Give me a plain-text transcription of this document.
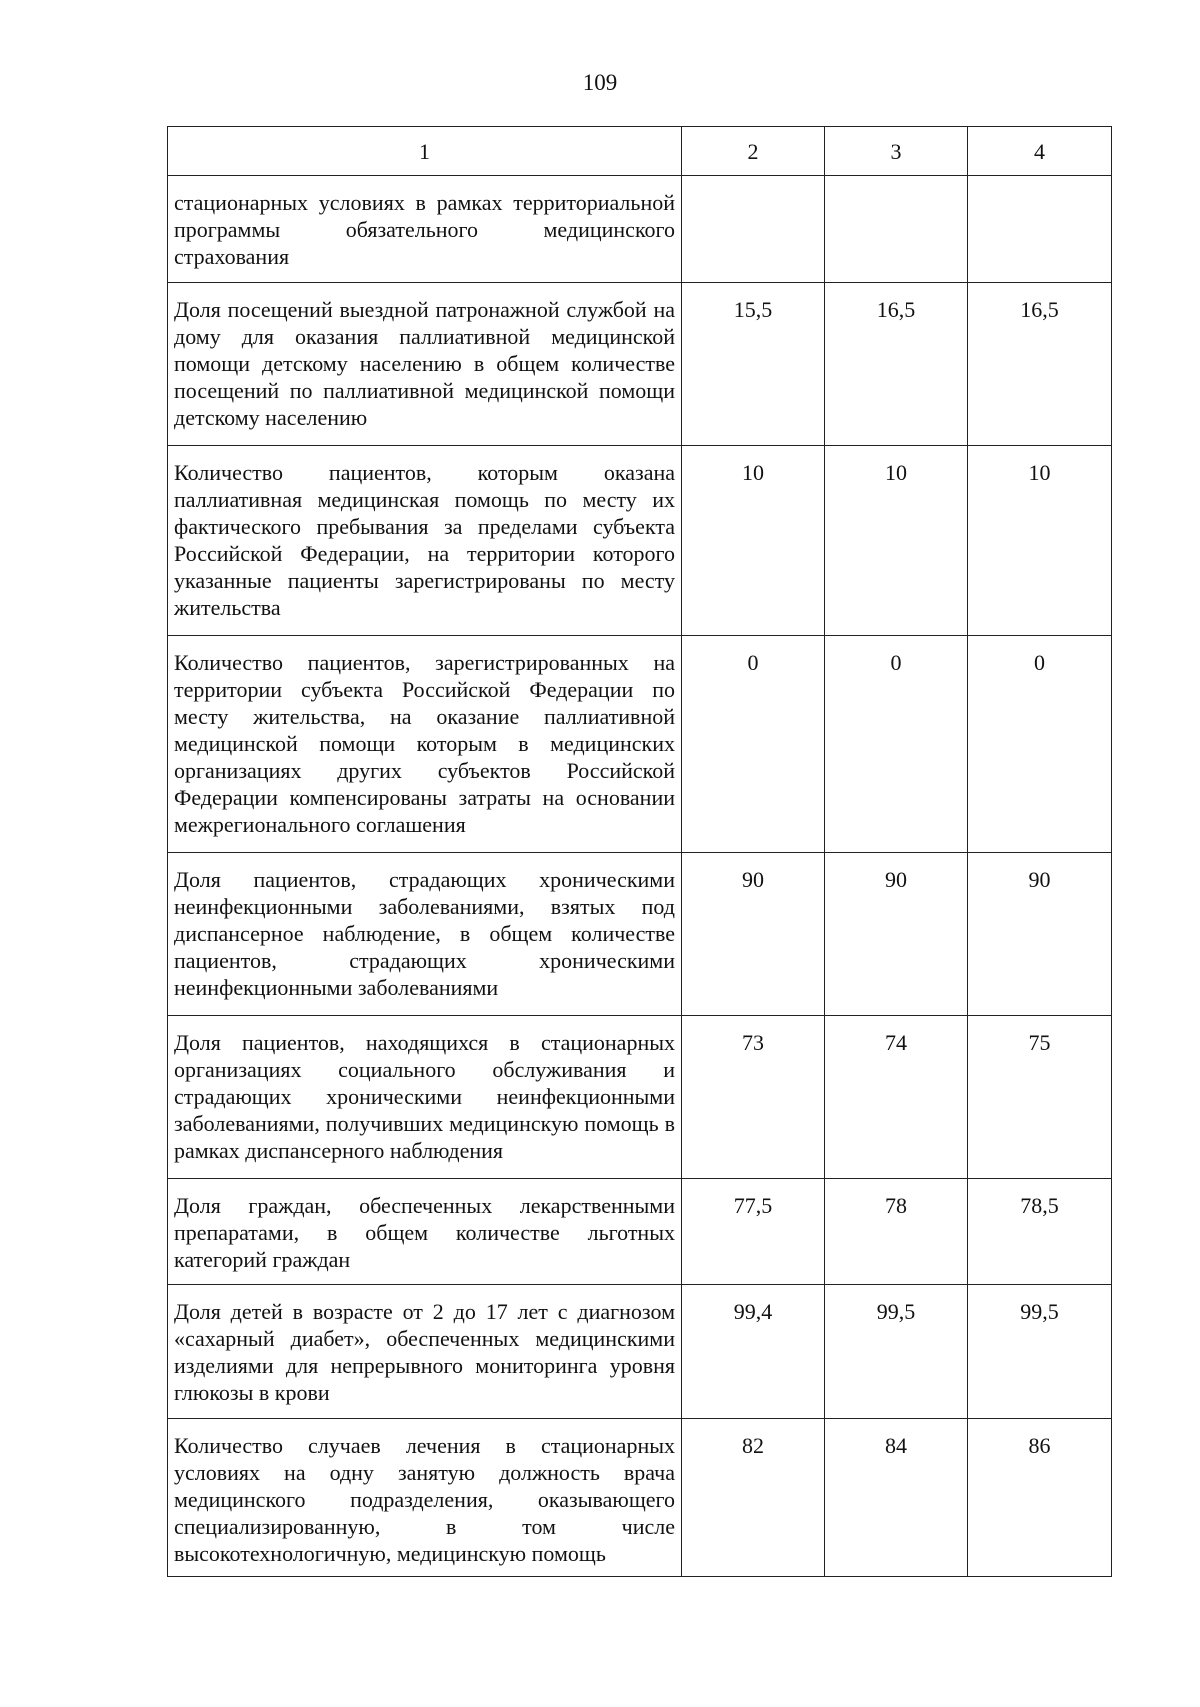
109
1	2	3	4
стационарных условиях в рамках территориальной программы обязательного медицинского страхования			
Доля посещений выездной патронажной службой на дому для оказания паллиативной медицинской помощи детскому населению в общем количестве посещений по паллиативной медицинской помощи детскому населению	15,5	16,5	16,5
Количество пациентов, которым оказана паллиативная медицинская помощь по месту их фактического пребывания за пределами субъекта Российской Федерации, на территории которого указанные пациенты зарегистрированы по месту жительства	10	10	10
Количество пациентов, зарегистрированных на территории субъекта Российской Федерации по месту жительства, на оказание паллиативной медицинской помощи которым в медицинских организациях других субъектов Российской Федерации компенсированы затраты на основании межрегионального соглашения	0	0	0
Доля пациентов, страдающих хроническими неинфекционными заболеваниями, взятых под диспансерное наблюдение, в общем количестве пациентов, страдающих хроническими неинфекционными заболеваниями	90	90	90
Доля пациентов, находящихся в стационарных организациях социального обслуживания и страдающих хроническими неинфекционными заболеваниями, получивших медицинскую помощь в рамках диспансерного наблюдения	73	74	75
Доля граждан, обеспеченных лекарственными препаратами, в общем количестве льготных категорий граждан	77,5	78	78,5
Доля детей в возрасте от 2 до 17 лет с диагнозом «сахарный диабет», обеспеченных медицинскими изделиями для непрерывного мониторинга уровня глюкозы в крови	99,4	99,5	99,5
Количество случаев лечения в стационарных условиях на одну занятую должность врача медицинского подразделения, оказывающего специализированную, в том числе высокотехнологичную, медицинскую помощь	82	84	86
